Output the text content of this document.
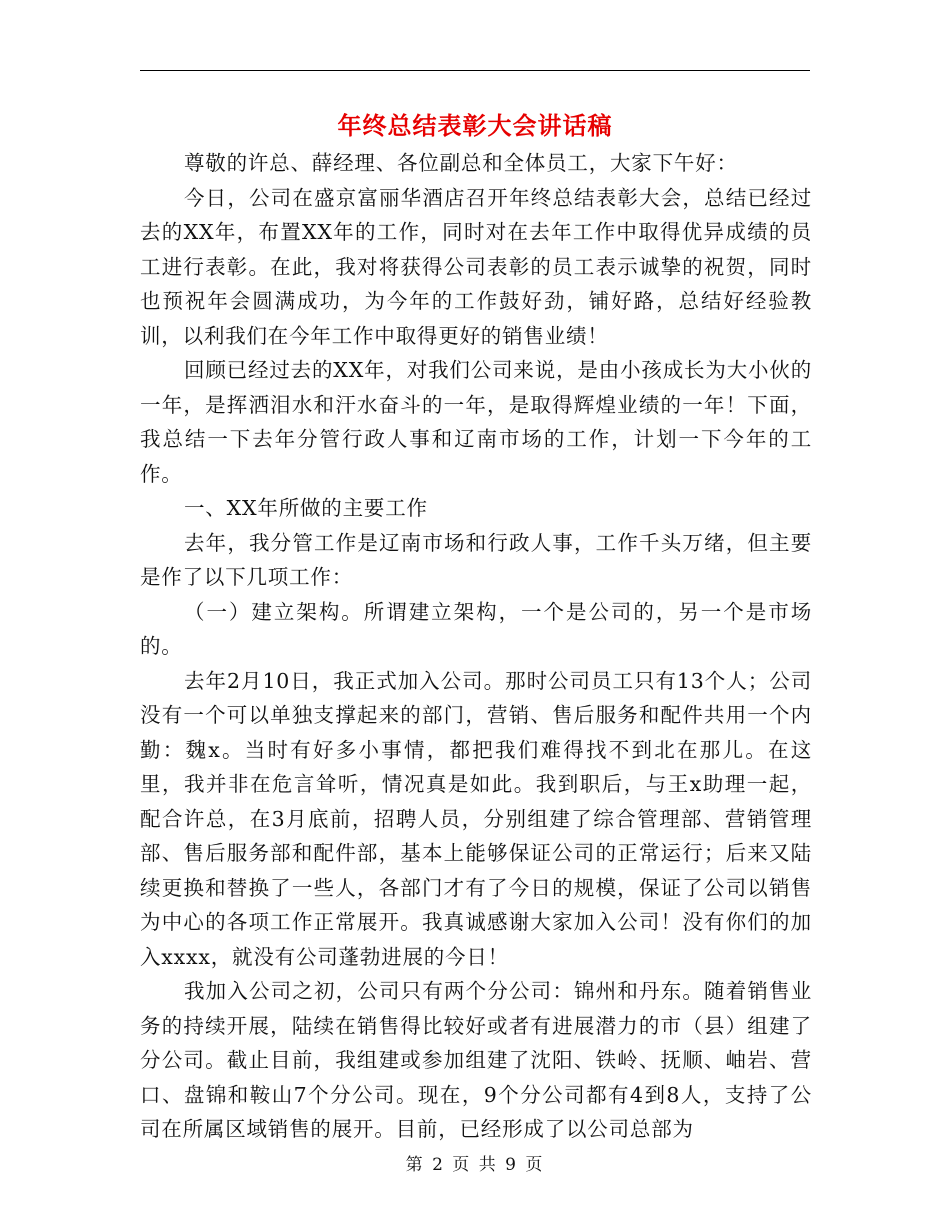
年终总结表彰大会讲话稿

尊敬的许总、薛经理、各位副总和全体员工，大家下午好：

今日，公司在盛京富丽华酒店召开年终总结表彰大会，总结已经过去的XX年，布置XX年的工作，同时对在去年工作中取得优异成绩的员工进行表彰。在此，我对将获得公司表彰的员工表示诚挚的祝贺，同时也预祝年会圆满成功，为今年的工作鼓好劲，铺好路，总结好经验教训，以利我们在今年工作中取得更好的销售业绩！

回顾已经过去的XX年，对我们公司来说，是由小孩成长为大小伙的一年，是挥洒泪水和汗水奋斗的一年，是取得辉煌业绩的一年！下面，我总结一下去年分管行政人事和辽南市场的工作，计划一下今年的工作。

一、XX年所做的主要工作

去年，我分管工作是辽南市场和行政人事，工作千头万绪，但主要是作了以下几项工作：

（一）建立架构。所谓建立架构，一个是公司的，另一个是市场的。

去年2月10日，我正式加入公司。那时公司员工只有13个人；公司没有一个可以单独支撑起来的部门，营销、售后服务和配件共用一个内勤：魏x。当时有好多小事情，都把我们难得找不到北在那儿。在这里，我并非在危言耸听，情况真是如此。我到职后，与王x助理一起，配合许总，在3月底前，招聘人员，分别组建了综合管理部、营销管理部、售后服务部和配件部，基本上能够保证公司的正常运行；后来又陆续更换和替换了一些人，各部门才有了今日的规模，保证了公司以销售为中心的各项工作正常展开。我真诚感谢大家加入公司！没有你们的加入xxxx，就没有公司蓬勃进展的今日！

我加入公司之初，公司只有两个分公司：锦州和丹东。随着销售业务的持续开展，陆续在销售得比较好或者有进展潜力的市（县）组建了分公司。截止目前，我组建或参加组建了沈阳、铁岭、抚顺、岫岩、营口、盘锦和鞍山7个分公司。现在，9个分公司都有4到8人，支持了公司在所属区域销售的展开。目前，已经形成了以公司总部为

第 2 页 共 9 页
